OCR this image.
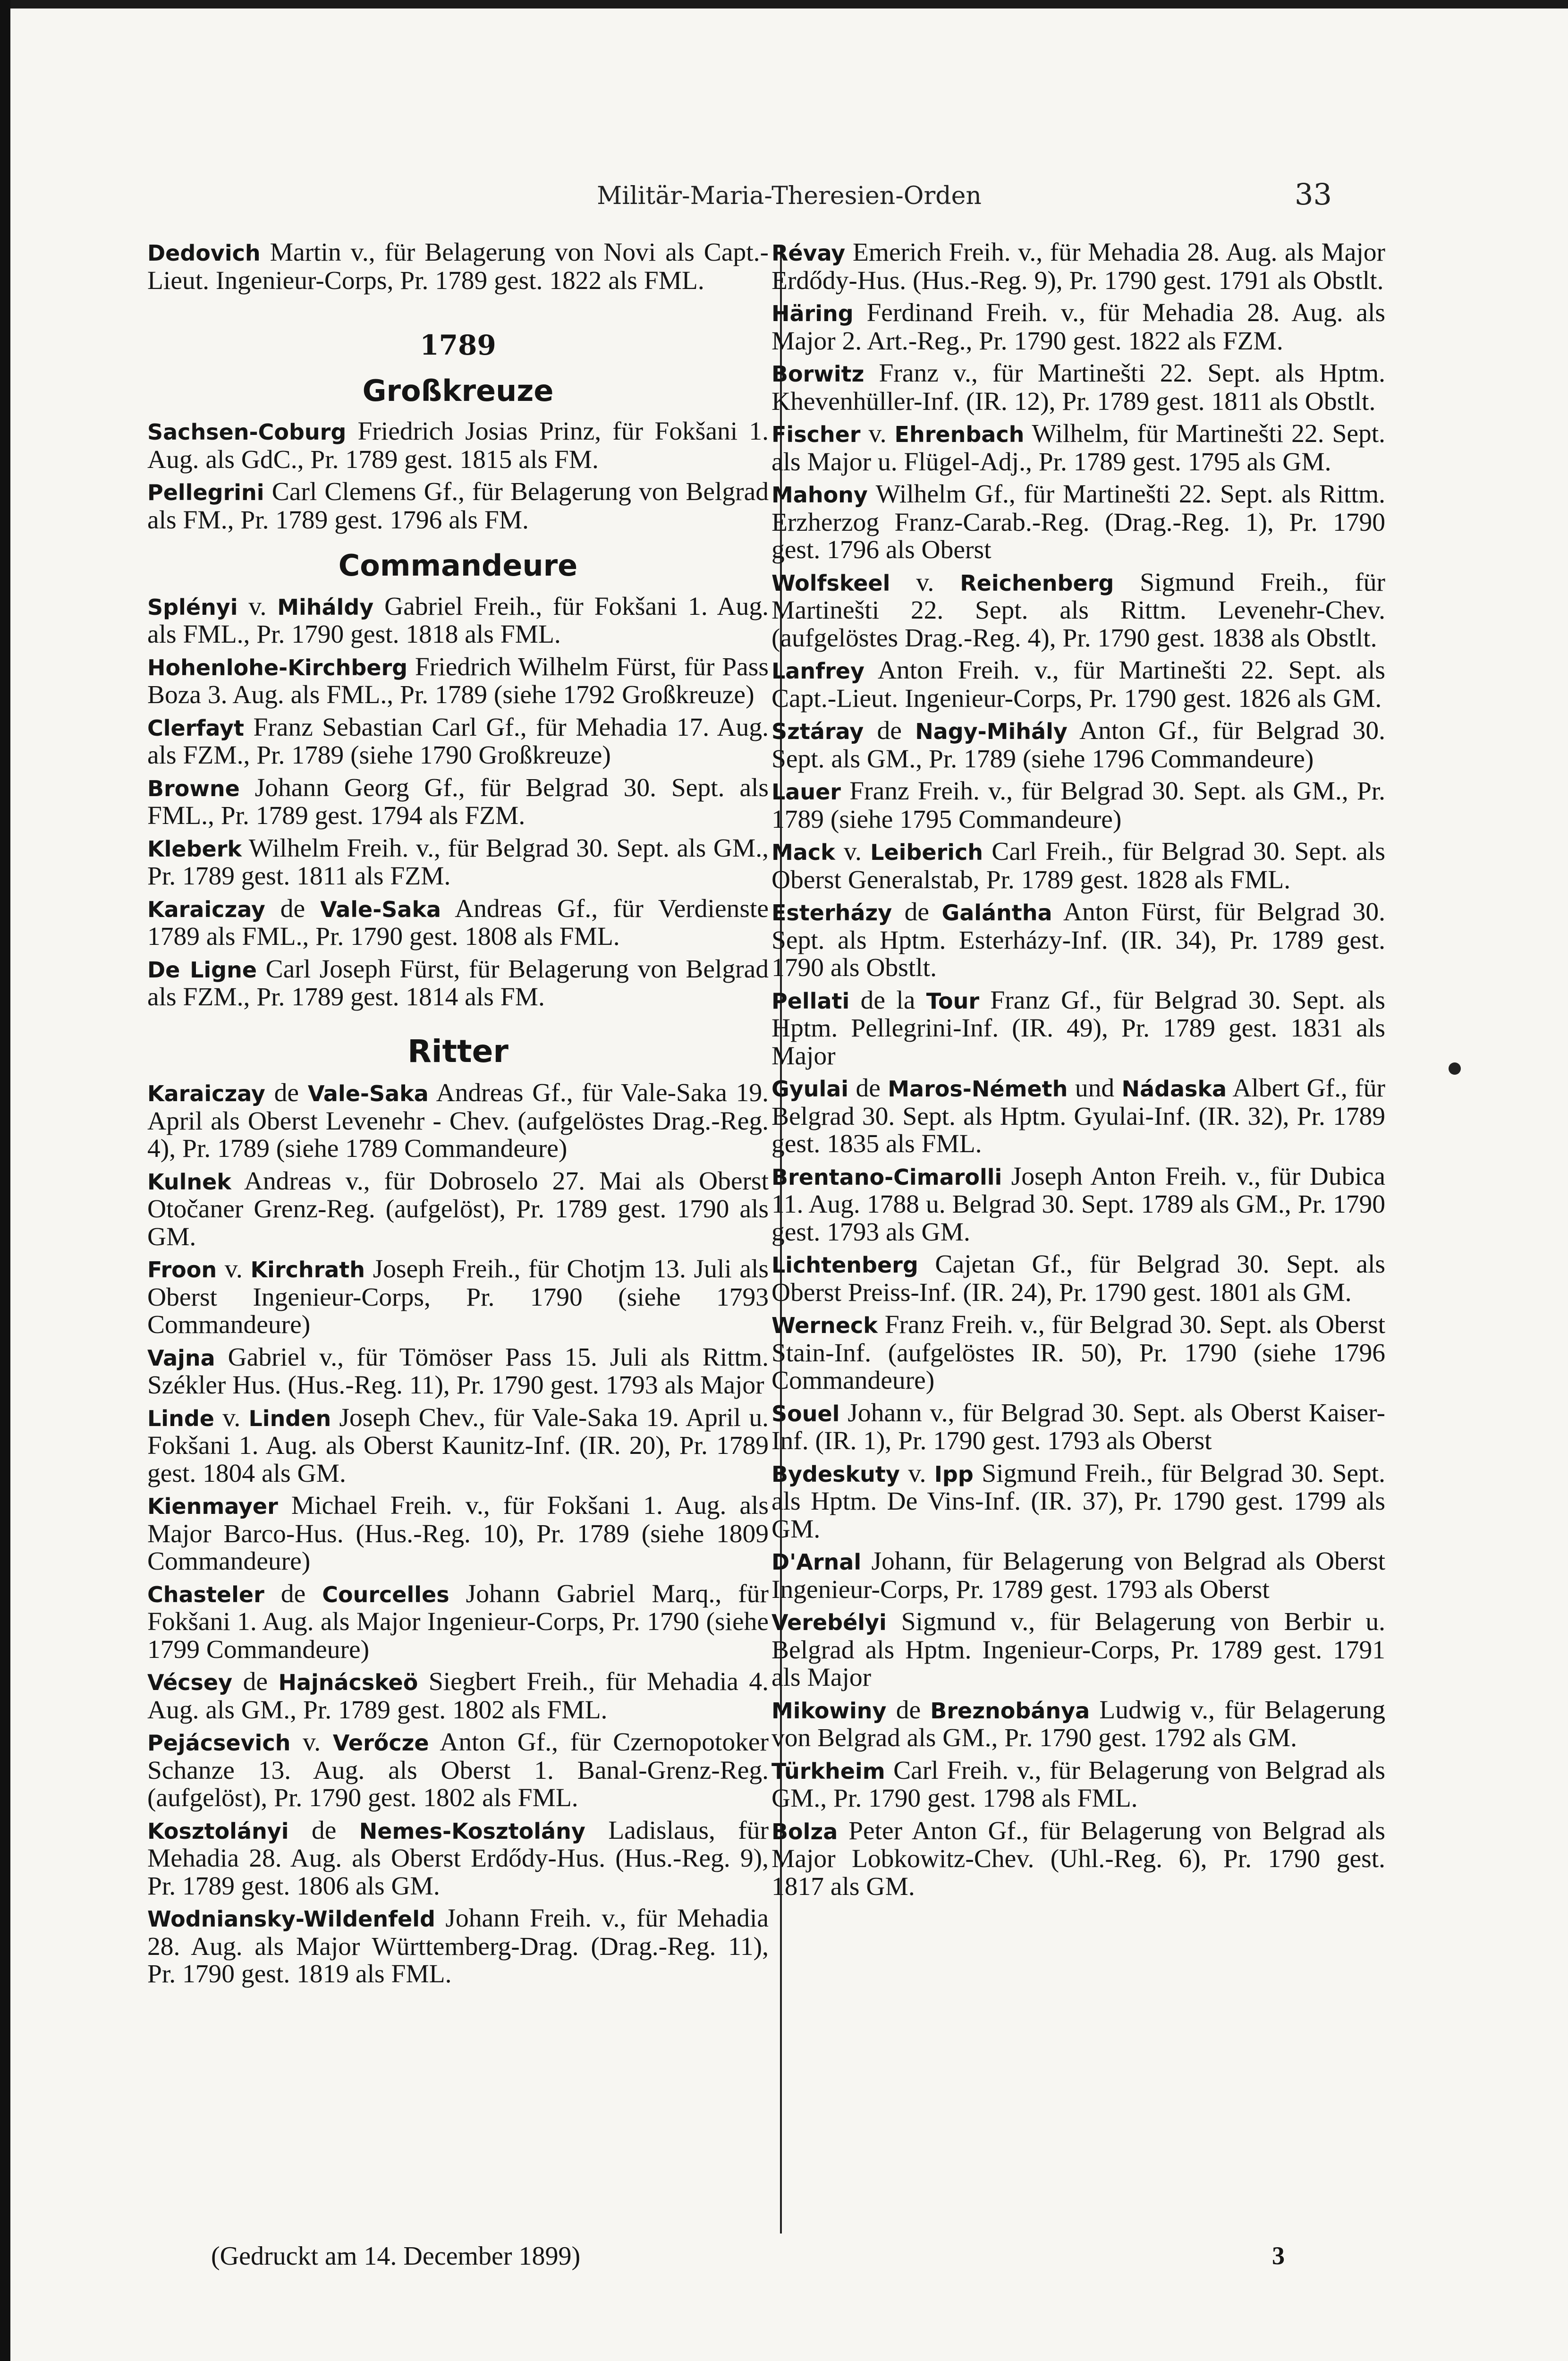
Militär-Maria-Theresien-Orden	33

Dedovich Martin v., für Belagerung von Novi als Capt.-Lieut. Ingenieur-Corps, Pr. 1789 gest. 1822 als FML.

1789
Großkreuze

Sachsen-Coburg Friedrich Josias Prinz, für Fokšani 1. Aug. als GdC., Pr. 1789 gest. 1815 als FM.

Pellegrini Carl Clemens Gf., für Belagerung von Belgrad als FM., Pr. 1789 gest. 1796 als FM.

Commandeure

Splényi v. Miháldy Gabriel Freih., für Fokšani 1. Aug. als FML., Pr. 1790 gest. 1818 als FML.

Hohenlohe-Kirchberg Friedrich Wilhelm Fürst, für Pass Boza 3. Aug. als FML., Pr. 1789 (siehe 1792 Großkreuze)

Clerfayt Franz Sebastian Carl Gf., für Mehadia 17. Aug. als FZM., Pr. 1789 (siehe 1790 Großkreuze)

Browne Johann Georg Gf., für Belgrad 30. Sept. als FML., Pr. 1789 gest. 1794 als FZM.

Kleberk Wilhelm Freih. v., für Belgrad 30. Sept. als GM., Pr. 1789 gest. 1811 als FZM.

Karaiczay de Vale-Saka Andreas Gf., für Verdienste 1789 als FML., Pr. 1790 gest. 1808 als FML.

De Ligne Carl Joseph Fürst, für Belagerung von Belgrad als FZM., Pr. 1789 gest. 1814 als FM.

Ritter

Karaiczay de Vale-Saka Andreas Gf., für Vale-Saka 19. April als Oberst Levenehr - Chev. (aufgelöstes Drag.-Reg. 4), Pr. 1789 (siehe 1789 Commandeure)

Kulnek Andreas v., für Dobroselo 27. Mai als Oberst Otočaner Grenz-Reg. (aufgelöst), Pr. 1789 gest. 1790 als GM.

Froon v. Kirchrath Joseph Freih., für Chotjm 13. Juli als Oberst Ingenieur-Corps, Pr. 1790 (siehe 1793 Commandeure)

Vajna Gabriel v., für Tömöser Pass 15. Juli als Rittm. Székler Hus. (Hus.-Reg. 11), Pr. 1790 gest. 1793 als Major

Linde v. Linden Joseph Chev., für Vale-Saka 19. April u. Fokšani 1. Aug. als Oberst Kaunitz-Inf. (IR. 20), Pr. 1789 gest. 1804 als GM.

Kienmayer Michael Freih. v., für Fokšani 1. Aug. als Major Barco-Hus. (Hus.-Reg. 10), Pr. 1789 (siehe 1809 Commandeure)

Chasteler de Courcelles Johann Gabriel Marq., für Fokšani 1. Aug. als Major Ingenieur-Corps, Pr. 1790 (siehe 1799 Commandeure)

Vécsey de Hajnácskeö Siegbert Freih., für Mehadia 4. Aug. als GM., Pr. 1789 gest. 1802 als FML.

Pejácsevich v. Verőcze Anton Gf., für Czernopotoker Schanze 13. Aug. als Oberst 1. Banal-Grenz-Reg. (aufgelöst), Pr. 1790 gest. 1802 als FML.

Kosztolányi de Nemes-Kosztolány Ladislaus, für Mehadia 28. Aug. als Oberst Erdődy-Hus. (Hus.-Reg. 9), Pr. 1789 gest. 1806 als GM.

Wodniansky-Wildenfeld Johann Freih. v., für Mehadia 28. Aug. als Major Württemberg-Drag. (Drag.-Reg. 11), Pr. 1790 gest. 1819 als FML.

Révay Emerich Freih. v., für Mehadia 28. Aug. als Major Erdődy-Hus. (Hus.-Reg. 9), Pr. 1790 gest. 1791 als Obstlt.

Häring Ferdinand Freih. v., für Mehadia 28. Aug. als Major 2. Art.-Reg., Pr. 1790 gest. 1822 als FZM.

Borwitz Franz v., für Martinešti 22. Sept. als Hptm. Khevenhüller-Inf. (IR. 12), Pr. 1789 gest. 1811 als Obstlt.

Fischer v. Ehrenbach Wilhelm, für Martinešti 22. Sept. als Major u. Flügel-Adj., Pr. 1789 gest. 1795 als GM.

Mahony Wilhelm Gf., für Martinešti 22. Sept. als Rittm. Erzherzog Franz-Carab.-Reg. (Drag.-Reg. 1), Pr. 1790 gest. 1796 als Oberst

Wolfskeel v. Reichenberg Sigmund Freih., für Martinešti 22. Sept. als Rittm. Levenehr-Chev. (aufgelöstes Drag.-Reg. 4), Pr. 1790 gest. 1838 als Obstlt.

Lanfrey Anton Freih. v., für Martinešti 22. Sept. als Capt.-Lieut. Ingenieur-Corps, Pr. 1790 gest. 1826 als GM.

Sztáray de Nagy-Mihály Anton Gf., für Belgrad 30. Sept. als GM., Pr. 1789 (siehe 1796 Commandeure)

Lauer Franz Freih. v., für Belgrad 30. Sept. als GM., Pr. 1789 (siehe 1795 Commandeure)

Mack v. Leiberich Carl Freih., für Belgrad 30. Sept. als Oberst Generalstab, Pr. 1789 gest. 1828 als FML.

Esterházy de Galántha Anton Fürst, für Belgrad 30. Sept. als Hptm. Esterházy-Inf. (IR. 34), Pr. 1789 gest. 1790 als Obstlt.

Pellati de la Tour Franz Gf., für Belgrad 30. Sept. als Hptm. Pellegrini-Inf. (IR. 49), Pr. 1789 gest. 1831 als Major

Gyulai de Maros-Németh und Nádaska Albert Gf., für Belgrad 30. Sept. als Hptm. Gyulai-Inf. (IR. 32), Pr. 1789 gest. 1835 als FML.

Brentano-Cimarolli Joseph Anton Freih. v., für Dubica 11. Aug. 1788 u. Belgrad 30. Sept. 1789 als GM., Pr. 1790 gest. 1793 als GM.

Lichtenberg Cajetan Gf., für Belgrad 30. Sept. als Oberst Preiss-Inf. (IR. 24), Pr. 1790 gest. 1801 als GM.

Werneck Franz Freih. v., für Belgrad 30. Sept. als Oberst Stain-Inf. (aufgelöstes IR. 50), Pr. 1790 (siehe 1796 Commandeure)

Souel Johann v., für Belgrad 30. Sept. als Oberst Kaiser-Inf. (IR. 1), Pr. 1790 gest. 1793 als Oberst

Bydeskuty v. Ipp Sigmund Freih., für Belgrad 30. Sept. als Hptm. De Vins-Inf. (IR. 37), Pr. 1790 gest. 1799 als GM.

D'Arnal Johann, für Belagerung von Belgrad als Oberst Ingenieur-Corps, Pr. 1789 gest. 1793 als Oberst

Verebélyi Sigmund v., für Belagerung von Berbir u. Belgrad als Hptm. Ingenieur-Corps, Pr. 1789 gest. 1791 als Major

Mikowiny de Breznobánya Ludwig v., für Belagerung von Belgrad als GM., Pr. 1790 gest. 1792 als GM.

Türkheim Carl Freih. v., für Belagerung von Belgrad als GM., Pr. 1790 gest. 1798 als FML.

Bolza Peter Anton Gf., für Belagerung von Belgrad als Major Lobkowitz-Chev. (Uhl.-Reg. 6), Pr. 1790 gest. 1817 als GM.

(Gedruckt am 14. December 1899)	3
